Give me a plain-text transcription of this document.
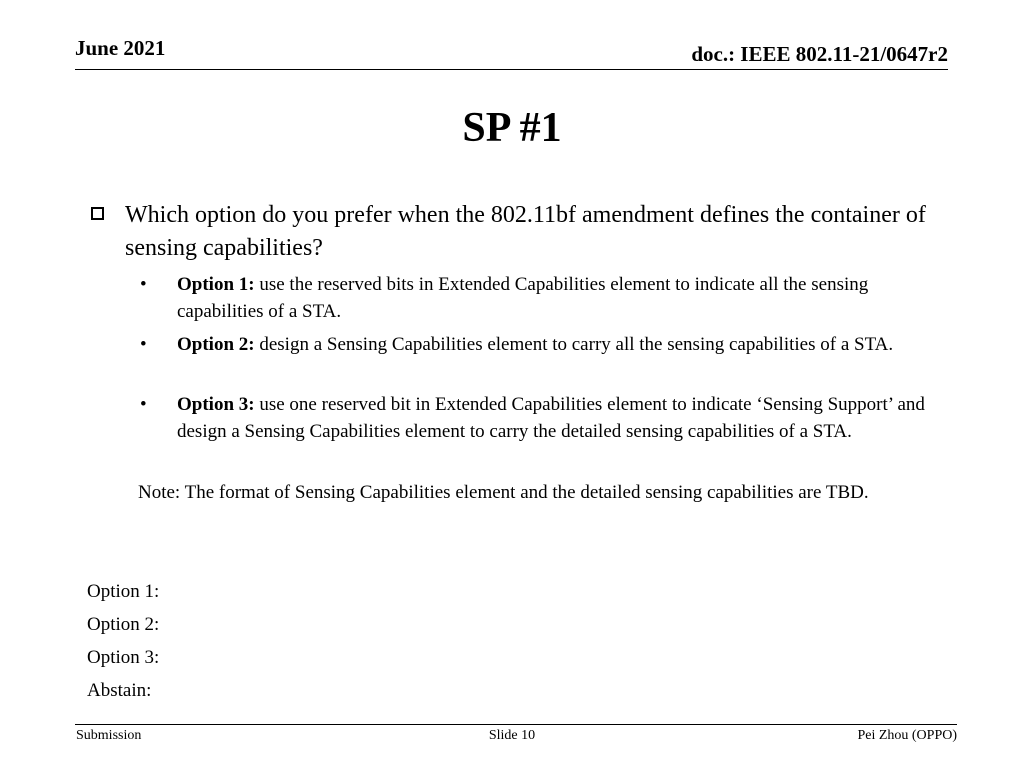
June 2021	doc.: IEEE 802.11-21/0647r2
SP #1
Which option do you prefer when the 802.11bf amendment defines the container of sensing capabilities?
• Option 1: use the reserved bits in Extended Capabilities element to indicate all the sensing capabilities of a STA.
• Option 2: design a Sensing Capabilities element to carry all the sensing capabilities of a STA.
• Option 3: use one reserved bit in Extended Capabilities element to indicate ‘Sensing Support’ and design a Sensing Capabilities element to carry the detailed sensing capabilities of a STA.
Note: The format of Sensing Capabilities element and the detailed sensing capabilities are TBD.
Option 1:
Option 2:
Option 3:
Abstain:
Submission	Slide 10	Pei Zhou (OPPO)
